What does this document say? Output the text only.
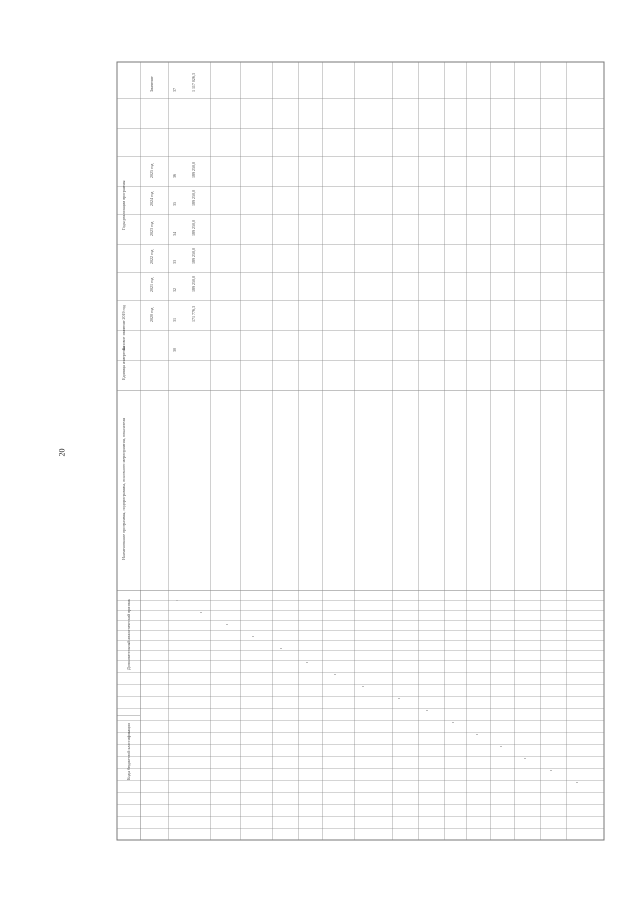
20
Коды бюджетной классификации
Дополнительный аналитический признак
Наименование программы, подпрограммы, основного мероприятия, показателя
Единица измерения
Базовое значение 2019 год
Годы реализации программы
Значение
2020 год
2021 год
2022 год
2023 год
2024 год
2025 год
30
31
32
33
34
35
36
37
171 776,3
189 250,0
189 250,0
189 250,0
189 250,0
189 250,0
1 117 026,3
